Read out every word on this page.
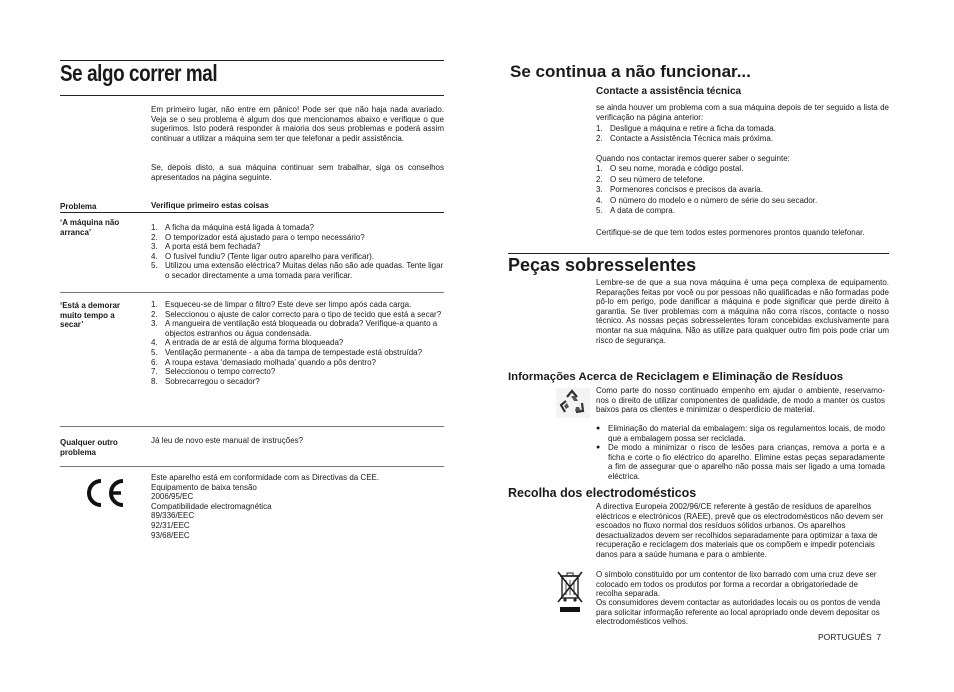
Se algo correr mal
Em primeiro lugar, não entre em pânico! Pode ser que não haja nada avariado. Veja se o seu problema é algum dos que mencionamos abaixo e verifique o que sugerimos. Isto poderá responder à maioria dos seus problemas e poderá assim continuar a utilizar a máquina sem ter que telefonar a pedir assistência.
Se, depois disto, a sua máquina continuar sem trabalhar, siga os conselhos apresentados na página seguinte.
Problema	Verifique primeiro estas coisas
‘A máquina não arranca’
1. A ficha da máquina está ligada à tomada?
2. O temporizador está ajustado para o tempo necessário?
3. A porta está bem fechada?
4. O fusível fundiu? (Tente ligar outro aparelho para verificar).
5. Utilizou uma extensão eléctrica? Muitas delas não são ade quadas. Tente ligar o secador directamente a uma tomada para verificar.
‘Está a demorar muito tempo a secar’
1. Esqueceu-se de limpar o filtro? Este deve ser limpo após cada carga.
2. Seleccionou o ajuste de calor correcto para o tipo de tecido que está a secar?
3. A mangueira de ventilação está bloqueada ou dobrada? Verifique-a quanto a objectos estranhos ou água condensada.
4. A entrada de ar está de alguma forma bloqueada?
5. Ventilação permanente - a aba da tampa de tempestade está obstruída?
6. A roupa estava ‘demasiado molhada’ quando a pôs dentro?
7. Seleccionou o tempo correcto?
8. Sobrecarregou o secador?
Qualquer outro problema
Já leu de novo este manual de instruções?
Este aparelho está em conformidade com as Directivas da CEE.
Equipamento de baixa tensão
2006/95/EC
Compatibilidade electromagnética
89/336/EEC
92/31/EEC
93/68/EEC
Se continua a não funcionar...
Contacte a assistência técnica
se ainda houver um problema com a sua máquina depois de ter seguido a lista de verificação na página anterior:
1. Desligue a máquina e retire a ficha da tomada.
2. Contacte a Assistência Técnica mais próxima.
Quando nos contactar iremos querer saber o seguinte:
1. O seu nome, morada e código postal.
2. O seu número de telefone.
3. Pormenores concisos e precisos da avaria.
4. O número do modelo e o número de série do seu secador.
5. A data de compra.
Certifique-se de que tem todos estes pormenores prontos quando telefonar.
Peças sobresselentes
Lembre-se de que a sua nova máquina é uma peça complexa de equipamento. Reparações feitas por você ou por pessoas não qualificadas e não formadas pode pô-lo em perigo, pode danificar a máquina e pode significar que perde direito à garantia. Se tiver problemas com a máquina não corra riscos, contacte o nosso técnico. As nossas peças sobresselentes foram concebidas exclusivamente para montar na sua máquina. Não as utilize para qualquer outro fim pois pode criar um risco de segurança.
Informações Acerca de Reciclagem e Eliminação de Resíduos
Como parte do nosso continuado empenho em ajudar o ambiente, reservamo-nos o direito de utilizar componentes de qualidade, de modo a manter os custos baixos para os clientes e minimizar o desperdício de material.
● Eliminação do material da embalagem: siga os regulamentos locais, de modo que a embalagem possa ser reciclada.
● De modo a minimizar o risco de lesões para crianças, remova a porta e a ficha e corte o fio eléctrico do aparelho. Elimine estas peças separadamente a fim de assegurar que o aparelho não possa mais ser ligado a uma tomada eléctrica.
Recolha dos electrodomésticos
A directiva Europeia 2002/96/CE referente à gestão de resíduos de aparelhos eléctricos e electrónicos (RAEE), prevê que os electrodomésticos não devem ser escoados no fluxo normal dos resíduos sólidos urbanos. Os aparelhos desactualizados devem ser recolhidos separadamente para optimizar a taxa de recuperação e reciclagem dos materiais que os compõem e impedir potenciais danos para a saúde humana e para o ambiente.
O símbolo constituído por um contentor de lixo barrado com uma cruz deve ser colocado em todos os produtos por forma a recordar a obrigatoriedade de recolha separada.
Os consumidores devem contactar as autoridades locais ou os pontos de venda para solicitar informação referente ao local apropriado onde devem depositar os electrodomésticos velhos.
PORTUGUÊS  7
